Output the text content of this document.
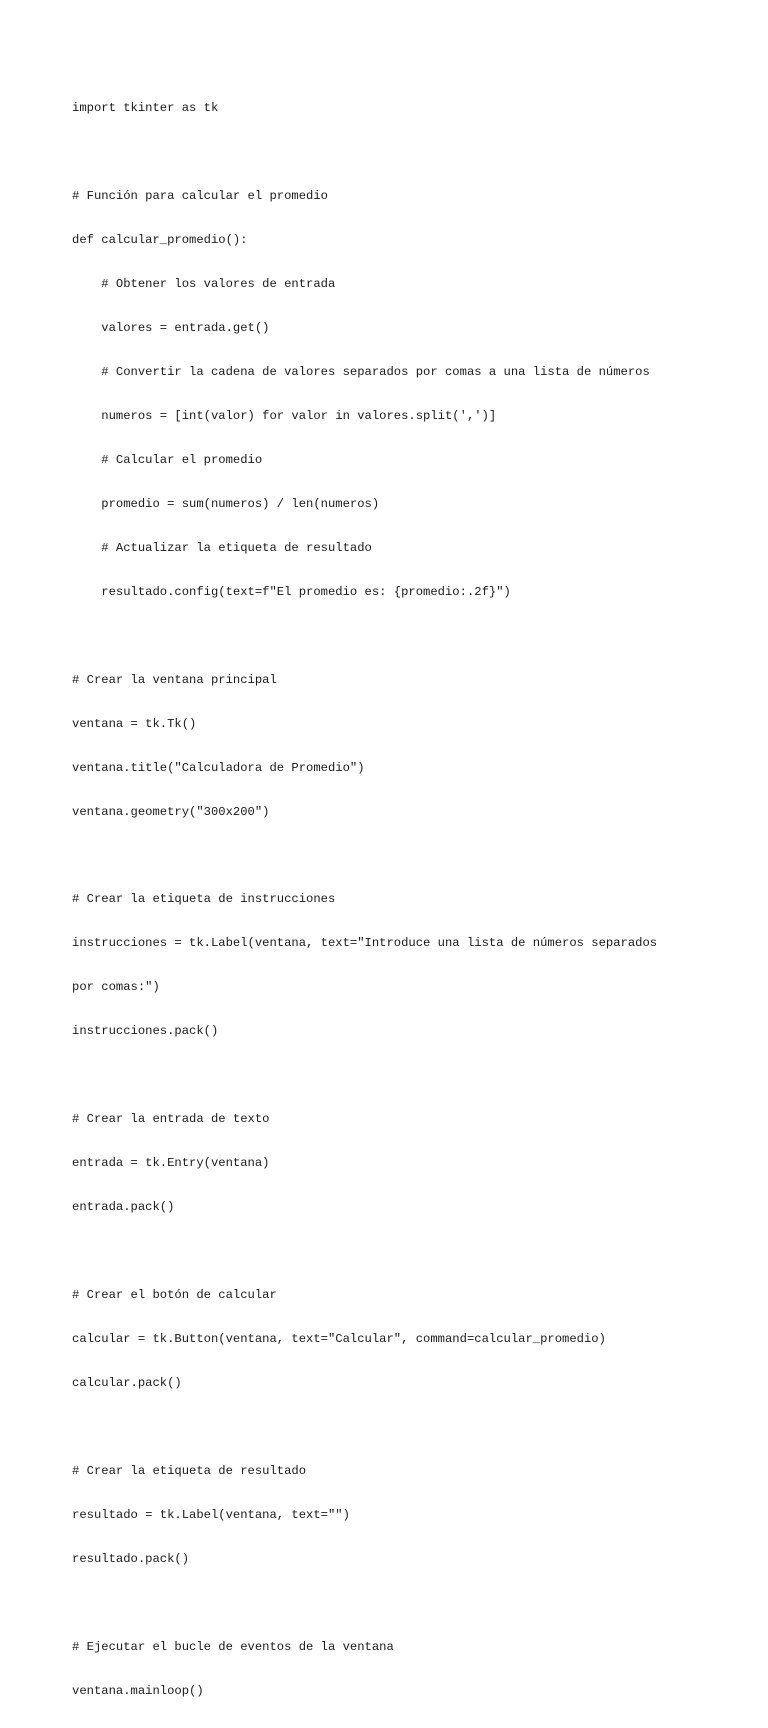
import tkinter as tk

# Función para calcular el promedio

def calcular_promedio():

# Obtener los valores de entrada

valores = entrada.get()

# Convertir la cadena de valores separados por comas a una lista de números

numeros = [int(valor) for valor in valores.split(',')]

# Calcular el promedio

promedio = sum(numeros) / len(numeros)

# Actualizar la etiqueta de resultado

resultado.config(text=f"El promedio es: {promedio:.2f}")

# Crear la ventana principal

ventana = tk.Tk()

ventana.title("Calculadora de Promedio")

ventana.geometry("300x200")

# Crear la etiqueta de instrucciones

instrucciones = tk.Label(ventana, text="Introduce una lista de números separados

por comas:")

instrucciones.pack()

# Crear la entrada de texto

entrada = tk.Entry(ventana)

entrada.pack()

# Crear el botón de calcular

calcular = tk.Button(ventana, text="Calcular", command=calcular_promedio)

calcular.pack()

# Crear la etiqueta de resultado

resultado = tk.Label(ventana, text="")

resultado.pack()

# Ejecutar el bucle de eventos de la ventana

ventana.mainloop()
